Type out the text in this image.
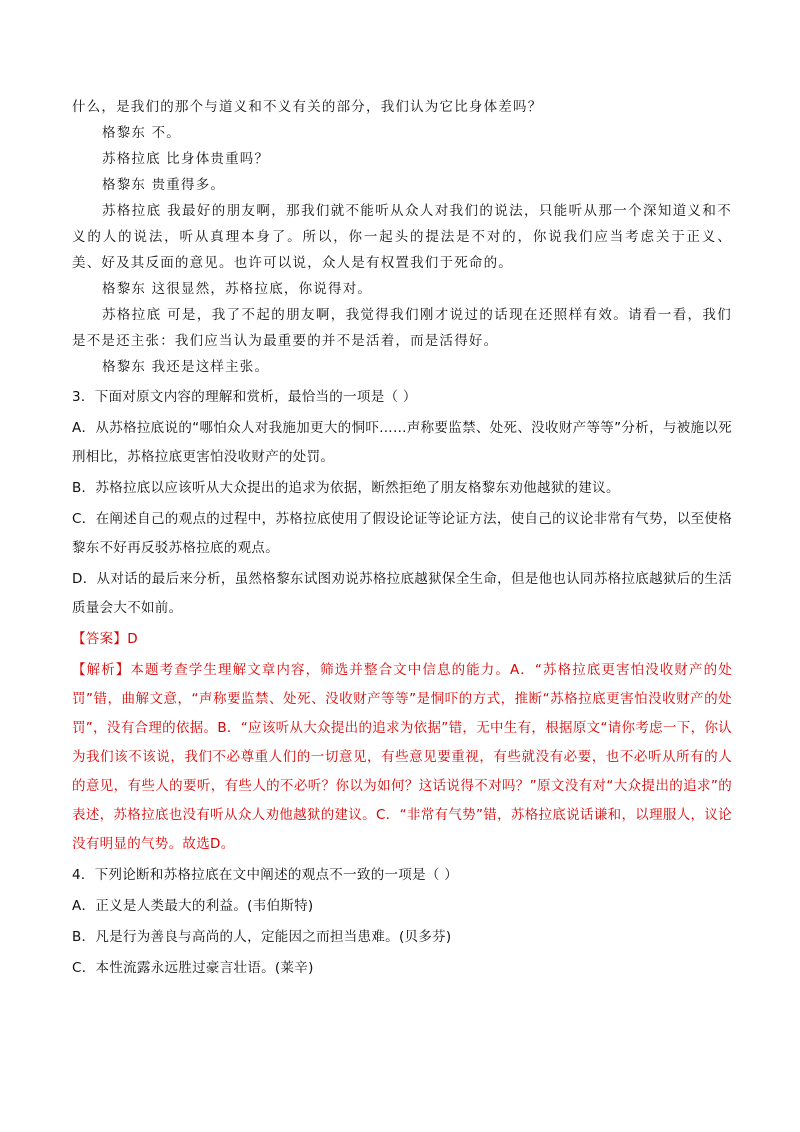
什么，是我们的那个与道义和不义有关的部分，我们认为它比身体差吗？

格黎东 不。

苏格拉底 比身体贵重吗？

格黎东 贵重得多。

苏格拉底 我最好的朋友啊，那我们就不能听从众人对我们的说法，只能听从那一个深知道义和不义的人的说法，听从真理本身了。所以，你一起头的提法是不对的，你说我们应当考虑关于正义、美、好及其反面的意见。也许可以说，众人是有权置我们于死命的。

格黎东 这很显然，苏格拉底，你说得对。

苏格拉底 可是，我了不起的朋友啊，我觉得我们刚才说过的话现在还照样有效。请看一看，我们是不是还主张：我们应当认为最重要的并不是活着，而是活得好。

格黎东 我还是这样主张。

3．下面对原文内容的理解和赏析，最恰当的一项是（ ）

A．从苏格拉底说的“哪怕众人对我施加更大的恫吓……声称要监禁、处死、没收财产等等”分析，与被施以死刑相比，苏格拉底更害怕没收财产的处罚。

B．苏格拉底以应该听从大众提出的追求为依据，断然拒绝了朋友格黎东劝他越狱的建议。

C．在阐述自己的观点的过程中，苏格拉底使用了假设论证等论证方法，使自己的议论非常有气势，以至使格黎东不好再反驳苏格拉底的观点。

D．从对话的最后来分析，虽然格黎东试图劝说苏格拉底越狱保全生命，但是他也认同苏格拉底越狱后的生活质量会大不如前。

【答案】D

【解析】本题考查学生理解文章内容，筛选并整合文中信息的能力。A．“苏格拉底更害怕没收财产的处罚”错，曲解文意，“声称要监禁、处死、没收财产等等”是恫吓的方式，推断“苏格拉底更害怕没收财产的处罚”，没有合理的依据。B．“应该听从大众提出的追求为依据”错，无中生有，根据原文“请你考虑一下，你认为我们该不该说，我们不必尊重人们的一切意见，有些意见要重视，有些就没有必要，也不必听从所有的人的意见，有些人的要听，有些人的不必听？你以为如何？这话说得不对吗？”原文没有对“大众提出的追求”的表述，苏格拉底也没有听从众人劝他越狱的建议。C．“非常有气势”错，苏格拉底说话谦和，以理服人，议论没有明显的气势。故选D。

4．下列论断和苏格拉底在文中阐述的观点不一致的一项是（ ）

A．正义是人类最大的利益。(韦伯斯特)

B．凡是行为善良与高尚的人，定能因之而担当患难。(贝多芬)

C．本性流露永远胜过豪言壮语。(莱辛)
